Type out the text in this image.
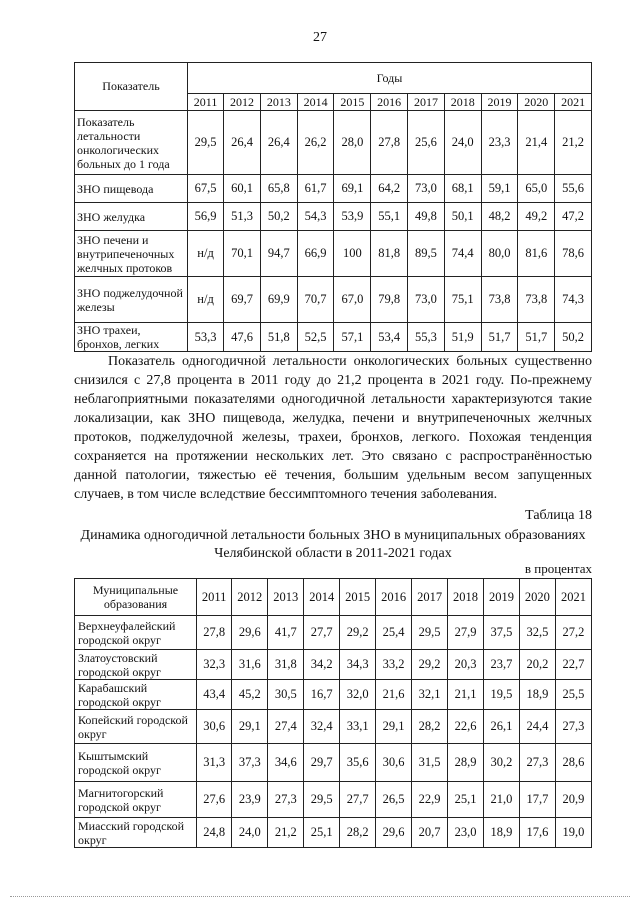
27
Показатель	Годы										
	2011	2012	2013	2014	2015	2016	2017	2018	2019	2020	2021
Показатель летальности онкологических больных до 1 года	29,5	26,4	26,4	26,2	28,0	27,8	25,6	24,0	23,3	21,4	21,2
ЗНО пищевода	67,5	60,1	65,8	61,7	69,1	64,2	73,0	68,1	59,1	65,0	55,6
ЗНО желудка	56,9	51,3	50,2	54,3	53,9	55,1	49,8	50,1	48,2	49,2	47,2
ЗНО печени и внутрипеченочных желчных протоков	н/д	70,1	94,7	66,9	100	81,8	89,5	74,4	80,0	81,6	78,6
ЗНО поджелудочной железы	н/д	69,7	69,9	70,7	67,0	79,8	73,0	75,1	73,8	73,8	74,3
ЗНО трахеи, бронхов, легких	53,3	47,6	51,8	52,5	57,1	53,4	55,3	51,9	51,7	51,7	50,2

Показатель одногодичной летальности онкологических больных существенно снизился с 27,8 процента в 2011 году до 21,2 процента в 2021 году. По-прежнему неблагоприятными показателями одногодичной летальности характеризуются такие локализации, как ЗНО пищевода, желудка, печени и внутрипеченочных желчных протоков, поджелудочной железы, трахеи, бронхов, легкого. Похожая тенденция сохраняется на протяжении нескольких лет. Это связано с распространённостью данной патологии, тяжестью её течения, большим удельным весом запущенных случаев, в том числе вследствие бессимптомного течения заболевания.

Таблица 18
Динамика одногодичной летальности больных ЗНО в муниципальных образованиях Челябинской области в 2011-2021 годах
в процентах
Муниципальные образования	2011	2012	2013	2014	2015	2016	2017	2018	2019	2020	2021
Верхнеуфалейский городской округ	27,8	29,6	41,7	27,7	29,2	25,4	29,5	27,9	37,5	32,5	27,2
Златоустовский городской округ	32,3	31,6	31,8	34,2	34,3	33,2	29,2	20,3	23,7	20,2	22,7
Карабашский городской округ	43,4	45,2	30,5	16,7	32,0	21,6	32,1	21,1	19,5	18,9	25,5
Копейский городской округ	30,6	29,1	27,4	32,4	33,1	29,1	28,2	22,6	26,1	24,4	27,3
Кыштымский городской округ	31,3	37,3	34,6	29,7	35,6	30,6	31,5	28,9	30,2	27,3	28,6
Магнитогорский городской округ	27,6	23,9	27,3	29,5	27,7	26,5	22,9	25,1	21,0	17,7	20,9
Миасский городской округ	24,8	24,0	21,2	25,1	28,2	29,6	20,7	23,0	18,9	17,6	19,0
